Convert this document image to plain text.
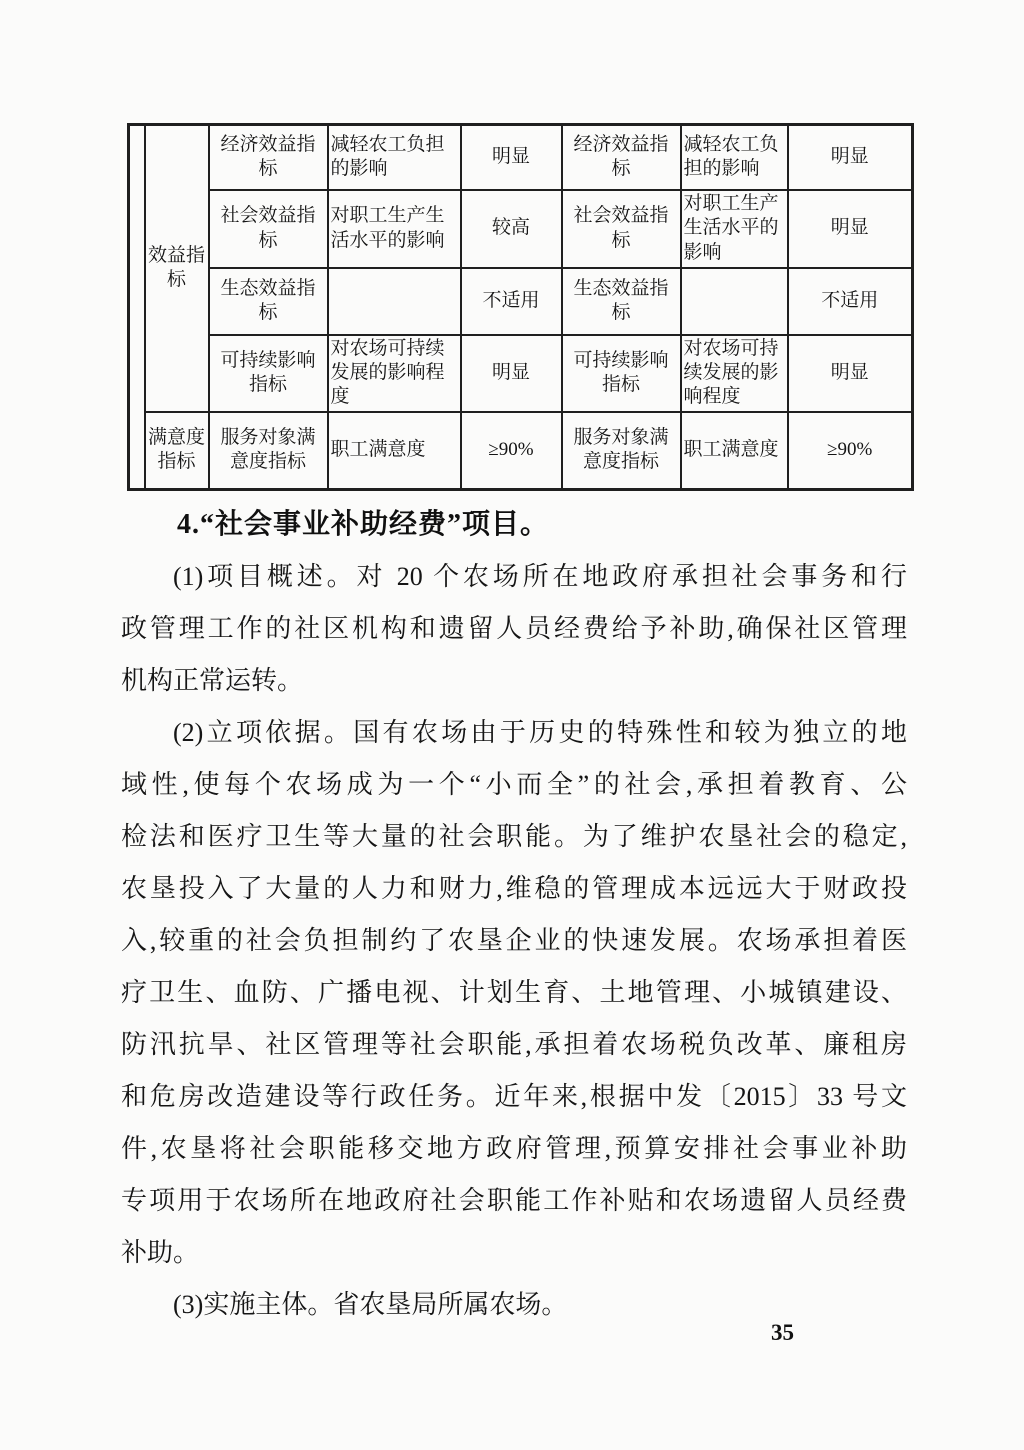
	效益指标	经济效益指标	减轻农工负担的影响	明显	经济效益指标	减轻农工负担的影响	明显
		社会效益指标	对职工生产生活水平的影响	较高	社会效益指标	对职工生产生活水平的影响	明显
		生态效益指标		不适用	生态效益指标		不适用
		可持续影响指标	对农场可持续发展的影响程度	明显	可持续影响指标	对农场可持续发展的影响程度	明显
	满意度指标	服务对象满意度指标	职工满意度	≥90%	服务对象满意度指标	职工满意度	≥90%
4.“社会事业补助经费”项目。
(1)项目概述。对 20 个农场所在地政府承担社会事务和行
政管理工作的社区机构和遗留人员经费给予补助,确保社区管理
机构正常运转。
(2)立项依据。国有农场由于历史的特殊性和较为独立的地
域性,使每个农场成为一个“小而全”的社会,承担着教育、公
检法和医疗卫生等大量的社会职能。为了维护农垦社会的稳定,
农垦投入了大量的人力和财力,维稳的管理成本远远大于财政投
入,较重的社会负担制约了农垦企业的快速发展。农场承担着医
疗卫生、血防、广播电视、计划生育、土地管理、小城镇建设、
防汛抗旱、社区管理等社会职能,承担着农场税负改革、廉租房
和危房改造建设等行政任务。近年来,根据中发〔2015〕33 号文
件,农垦将社会职能移交地方政府管理,预算安排社会事业补助
专项用于农场所在地政府社会职能工作补贴和农场遗留人员经费
补助。
(3)实施主体。省农垦局所属农场。
35
